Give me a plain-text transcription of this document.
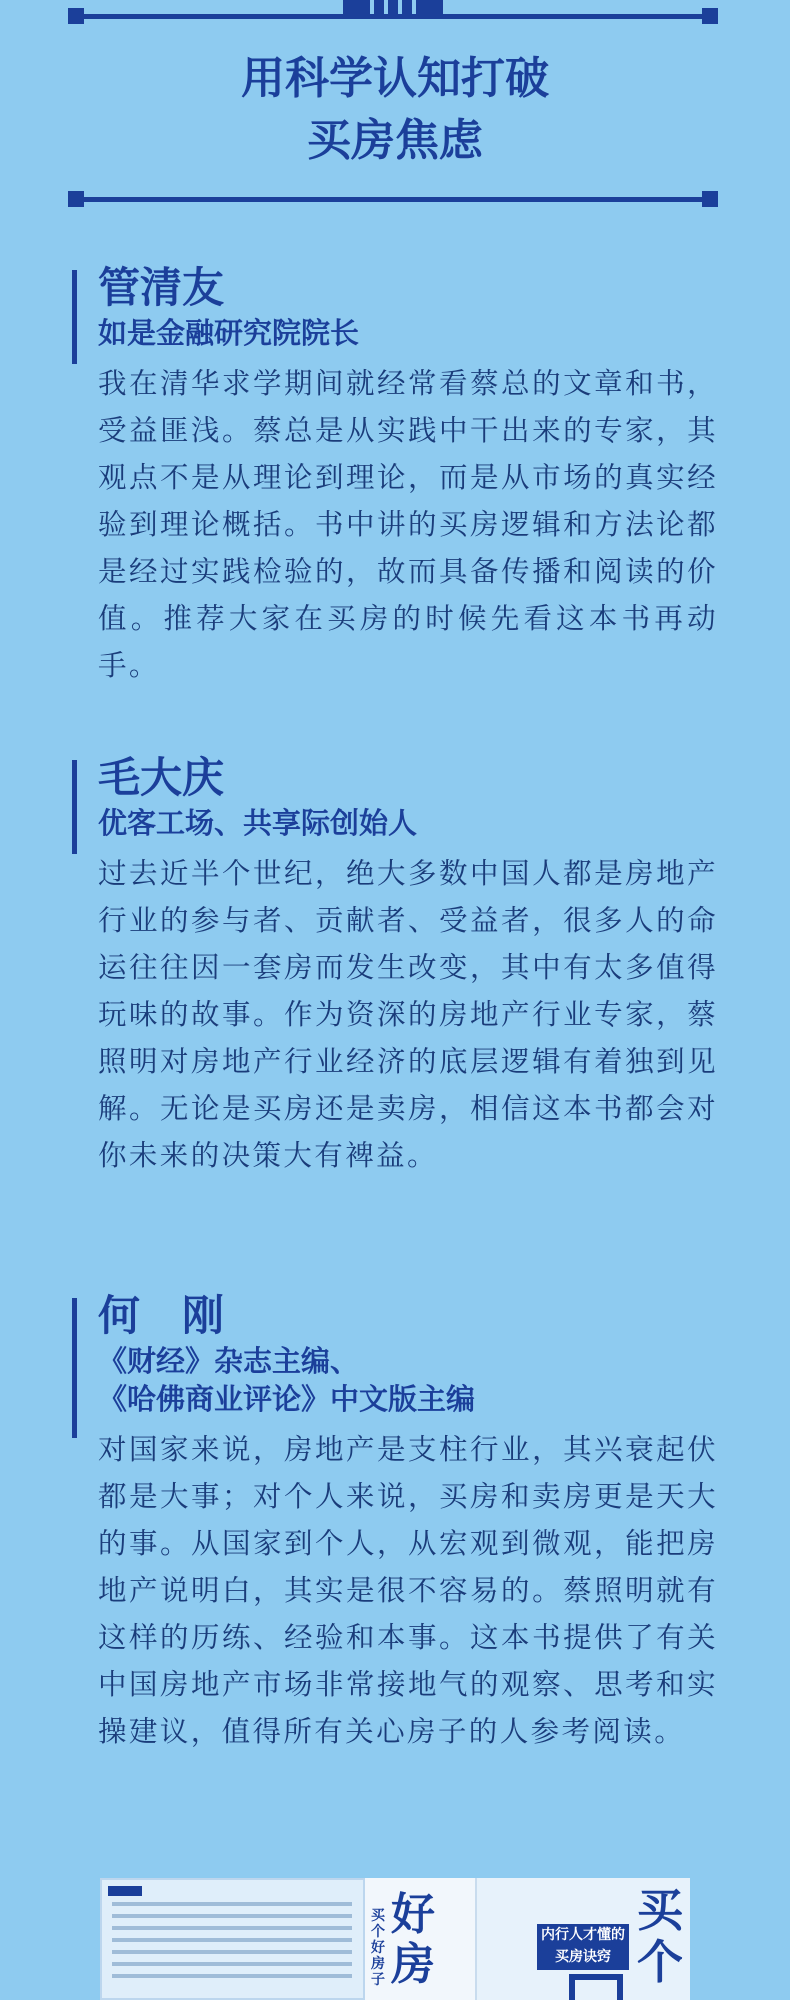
用科学认知打破
买房焦虑
管清友
如是金融研究院院长

我在清华求学期间就经常看蔡总的文章和书，受益匪浅。蔡总是从实践中干出来的专家，其观点不是从理论到理论，而是从市场的真实经验到理论概括。书中讲的买房逻辑和方法论都是经过实践检验的，故而具备传播和阅读的价值。推荐大家在买房的时候先看这本书再动手。

毛大庆
优客工场、共享际创始人

过去近半个世纪，绝大多数中国人都是房地产行业的参与者、贡献者、受益者，很多人的命运往往因一套房而发生改变，其中有太多值得玩味的故事。作为资深的房地产行业专家，蔡照明对房地产行业经济的底层逻辑有着独到见解。无论是买房还是卖房，相信这本书都会对你未来的决策大有裨益。

何　刚
《财经》杂志主编、
《哈佛商业评论》中文版主编

对国家来说，房地产是支柱行业，其兴衰起伏都是大事；对个人来说，买房和卖房更是天大的事。从国家到个人，从宏观到微观，能把房地产说明白，其实是很不容易的。蔡照明就有这样的历练、经验和本事。这本书提供了有关中国房地产市场非常接地气的观察、思考和实操建议，值得所有关心房子的人参考阅读。

买个好房子
好房
内行人才懂的买房诀窍
买
个
